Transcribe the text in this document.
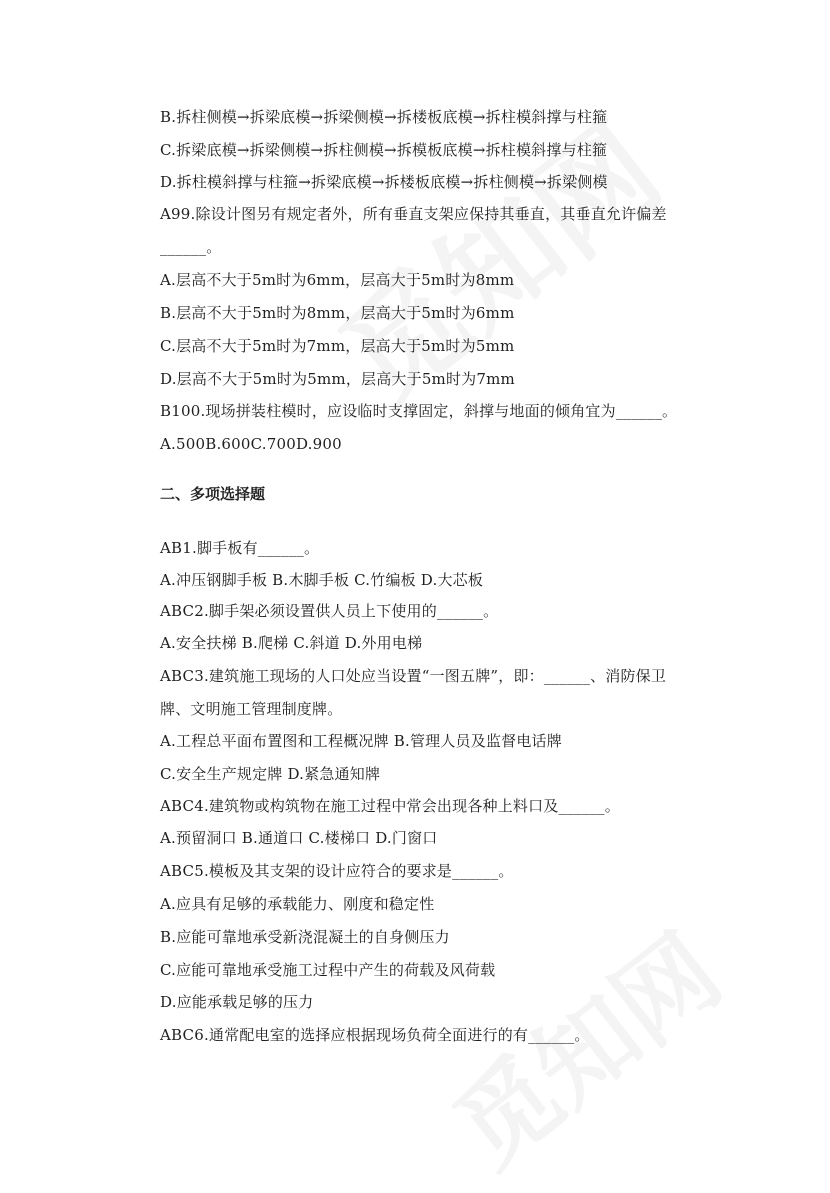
B.拆柱侧模→拆梁底模→拆梁侧模→拆楼板底模→拆柱模斜撑与柱箍
C.拆梁底模→拆梁侧模→拆柱侧模→拆模板底模→拆柱模斜撑与柱箍
D.拆柱模斜撑与柱箍→拆梁底模→拆楼板底模→拆柱侧模→拆梁侧模
A99.除设计图另有规定者外，所有垂直支架应保持其垂直，其垂直允许偏差
______。
A.层高不大于5m时为6mm，层高大于5m时为8mm
B.层高不大于5m时为8mm，层高大于5m时为6mm
C.层高不大于5m时为7mm，层高大于5m时为5mm
D.层高不大于5m时为5mm，层高大于5m时为7mm
B100.现场拼装柱模时，应设临时支撑固定，斜撑与地面的倾角宜为______。
A.500B.600C.700D.900
二、多项选择题
AB1.脚手板有______。
A.冲压钢脚手板 B.木脚手板 C.竹编板 D.大芯板
ABC2.脚手架必须设置供人员上下使用的______。
A.安全扶梯 B.爬梯 C.斜道 D.外用电梯
ABC3.建筑施工现场的人口处应当设置“一图五牌”，即：______、消防保卫
牌、文明施工管理制度牌。
A.工程总平面布置图和工程概况牌 B.管理人员及监督电话牌
C.安全生产规定牌 D.紧急通知牌
ABC4.建筑物或构筑物在施工过程中常会出现各种上料口及______。
A.预留洞口 B.通道口 C.楼梯口 D.门窗口
ABC5.模板及其支架的设计应符合的要求是______。
A.应具有足够的承载能力、刚度和稳定性
B.应能可靠地承受新浇混凝土的自身侧压力
C.应能可靠地承受施工过程中产生的荷载及风荷载
D.应能承载足够的压力
ABC6.通常配电室的选择应根据现场负荷全面进行的有______。
